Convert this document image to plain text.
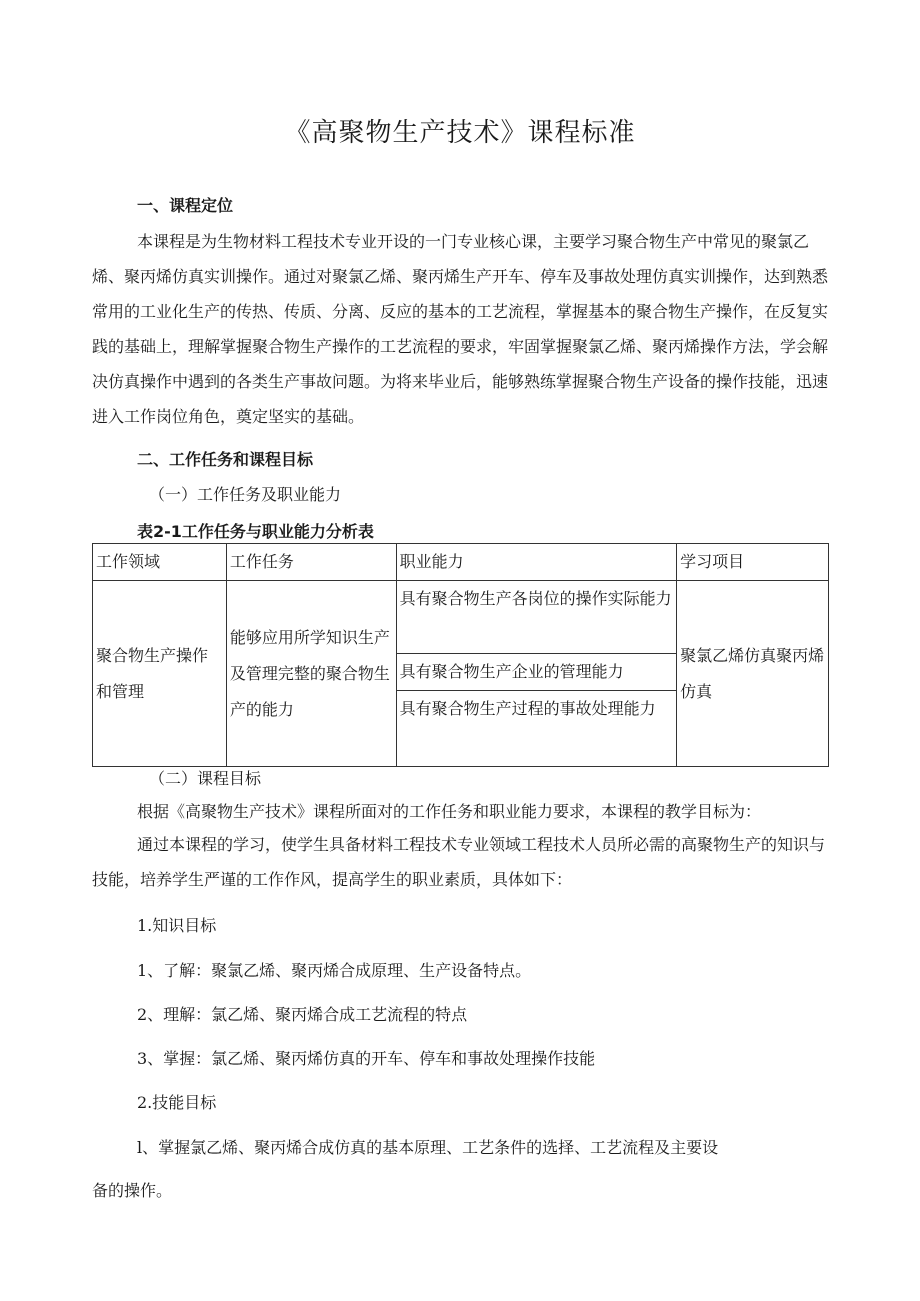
《高聚物生产技术》课程标准
一、课程定位
本课程是为生物材料工程技术专业开设的一门专业核心课，主要学习聚合物生产中常见的聚氯乙烯、聚丙烯仿真实训操作。通过对聚氯乙烯、聚丙烯生产开车、停车及事故处理仿真实训操作，达到熟悉常用的工业化生产的传热、传质、分离、反应的基本的工艺流程，掌握基本的聚合物生产操作，在反复实践的基础上，理解掌握聚合物生产操作的工艺流程的要求，牢固掌握聚氯乙烯、聚丙烯操作方法，学会解决仿真操作中遇到的各类生产事故问题。为将来毕业后，能够熟练掌握聚合物生产设备的操作技能，迅速进入工作岗位角色，奠定坚实的基础。
二、工作任务和课程目标
（一）工作任务及职业能力
表2-1工作任务与职业能力分析表
工作领域	工作任务	职业能力	学习项目

聚合物生产操作和管理	能够应用所学知识生产及管理完整的聚合物生产的能力	具有聚合物生产各岗位的操作实际能力
具有聚合物生产企业的管理能力
具有聚合物生产过程的事故处理能力	聚氯乙烯仿真聚丙烯仿真
（二）课程目标
根据《高聚物生产技术》课程所面对的工作任务和职业能力要求，本课程的教学目标为：
通过本课程的学习，使学生具备材料工程技术专业领域工程技术人员所必需的高聚物生产的知识与技能，培养学生严谨的工作作风，提高学生的职业素质，具体如下：
1.知识目标
1、了解：聚氯乙烯、聚丙烯合成原理、生产设备特点。
2、理解：氯乙烯、聚丙烯合成工艺流程的特点
3、掌握：氯乙烯、聚丙烯仿真的开车、停车和事故处理操作技能
2.技能目标
l、掌握氯乙烯、聚丙烯合成仿真的基本原理、工艺条件的选择、工艺流程及主要设
备的操作。
